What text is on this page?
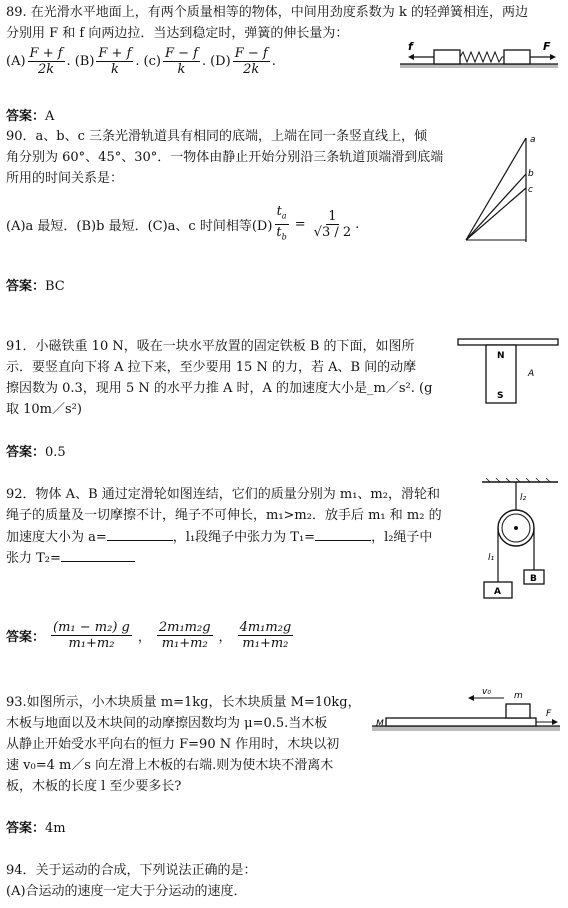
89. 在光滑水平地面上，有两个质量相等的物体，中间用劲度系数为 k 的轻弹簧相连，两边
分别用 F 和 f 向两边拉．当达到稳定时，弹簧的伸长量为：
$(A) \frac{F + f}{2k}$ . $(B) \frac{F + f}{k}$ . $(c) \frac{F - f}{k}$ . $(D) \frac{F - f}{2k}$ .
f	F
答案：A
90．a、b、c 三条光滑轨道具有相同的底端，上端在同一条竖直线上，倾
角分别为 60°、45°、30°．一物体由静止开始分别沿三条轨道顶端滑到底端
所用的时间关系是：
(A)a 最短．(B)b 最短．(C)a、c 时间相等$(D) \frac{t_a}{t_b} = \frac{1}{√3 / 2}$ .
a
b
c
答案：BC
91．小磁铁重 10 N，吸在一块水平放置的固定铁板 B 的下面，如图所
示．要竖直向下将 A 拉下来，至少要用 15 N 的力，若 A、B 间的动摩
擦因数为 0.3，现用 5 N 的水平力推 A 时，A 的加速度大小是_m／s². (g
取 10m／s²)
N
S
A
答案：0.5
92．物体 A、B 通过定滑轮如图连结，它们的质量分别为 m₁、m₂，滑轮和
绳子的质量及一切摩擦不计，绳子不可伸长，m₁>m₂．放手后 m₁ 和 m₂ 的
加速度大小为 a=	，l₁段绳子中张力为 T₁=	，l₂绳子中
张力 T₂=
A
B
l₂
l₁
答案： $\frac{\text{(m₁ − m₂) g}}{\text{m₁+m₂}}$ ， $\frac{\text{2m₁m₂g}}{\text{m₁+m₂}}$ ， $\frac{\text{4m₁m₂g}}{\text{m₁+m₂}}$
93.如图所示，小木块质量 m=1kg，长木块质量 M=10kg，
木板与地面以及木块间的动摩擦因数均为 μ=0.5.当木板
从静止开始受水平向右的恒力 F=90 N 作用时，木块以初
速 v₀=4 m／s 向左滑上木板的右端.则为使木块不滑离木
板，木板的长度 l 至少要多长?
v₀	m
M
F
答案：4m
94．关于运动的合成，下列说法正确的是：
(A)合运动的速度一定大于分运动的速度．
